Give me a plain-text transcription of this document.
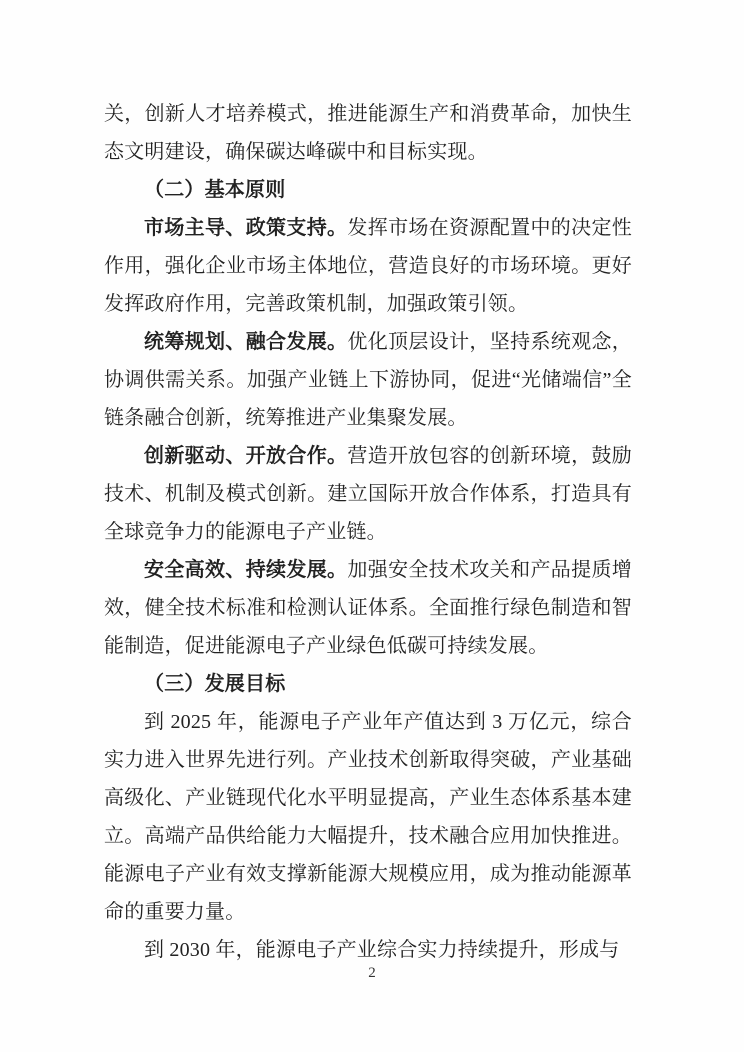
关，创新人才培养模式，推进能源生产和消费革命，加快生态文明建设，确保碳达峰碳中和目标实现。

（二）基本原则

市场主导、政策支持。发挥市场在资源配置中的决定性作用，强化企业市场主体地位，营造良好的市场环境。更好发挥政府作用，完善政策机制，加强政策引领。

统筹规划、融合发展。优化顶层设计，坚持系统观念，协调供需关系。加强产业链上下游协同，促进“光储端信”全链条融合创新，统筹推进产业集聚发展。

创新驱动、开放合作。营造开放包容的创新环境，鼓励技术、机制及模式创新。建立国际开放合作体系，打造具有全球竞争力的能源电子产业链。

安全高效、持续发展。加强安全技术攻关和产品提质增效，健全技术标准和检测认证体系。全面推行绿色制造和智能制造，促进能源电子产业绿色低碳可持续发展。

（三）发展目标

到 2025 年，能源电子产业年产值达到 3 万亿元，综合实力进入世界先进行列。产业技术创新取得突破，产业基础高级化、产业链现代化水平明显提高，产业生态体系基本建立。高端产品供给能力大幅提升，技术融合应用加快推进。能源电子产业有效支撑新能源大规模应用，成为推动能源革命的重要力量。

到 2030 年，能源电子产业综合实力持续提升，形成与

2
